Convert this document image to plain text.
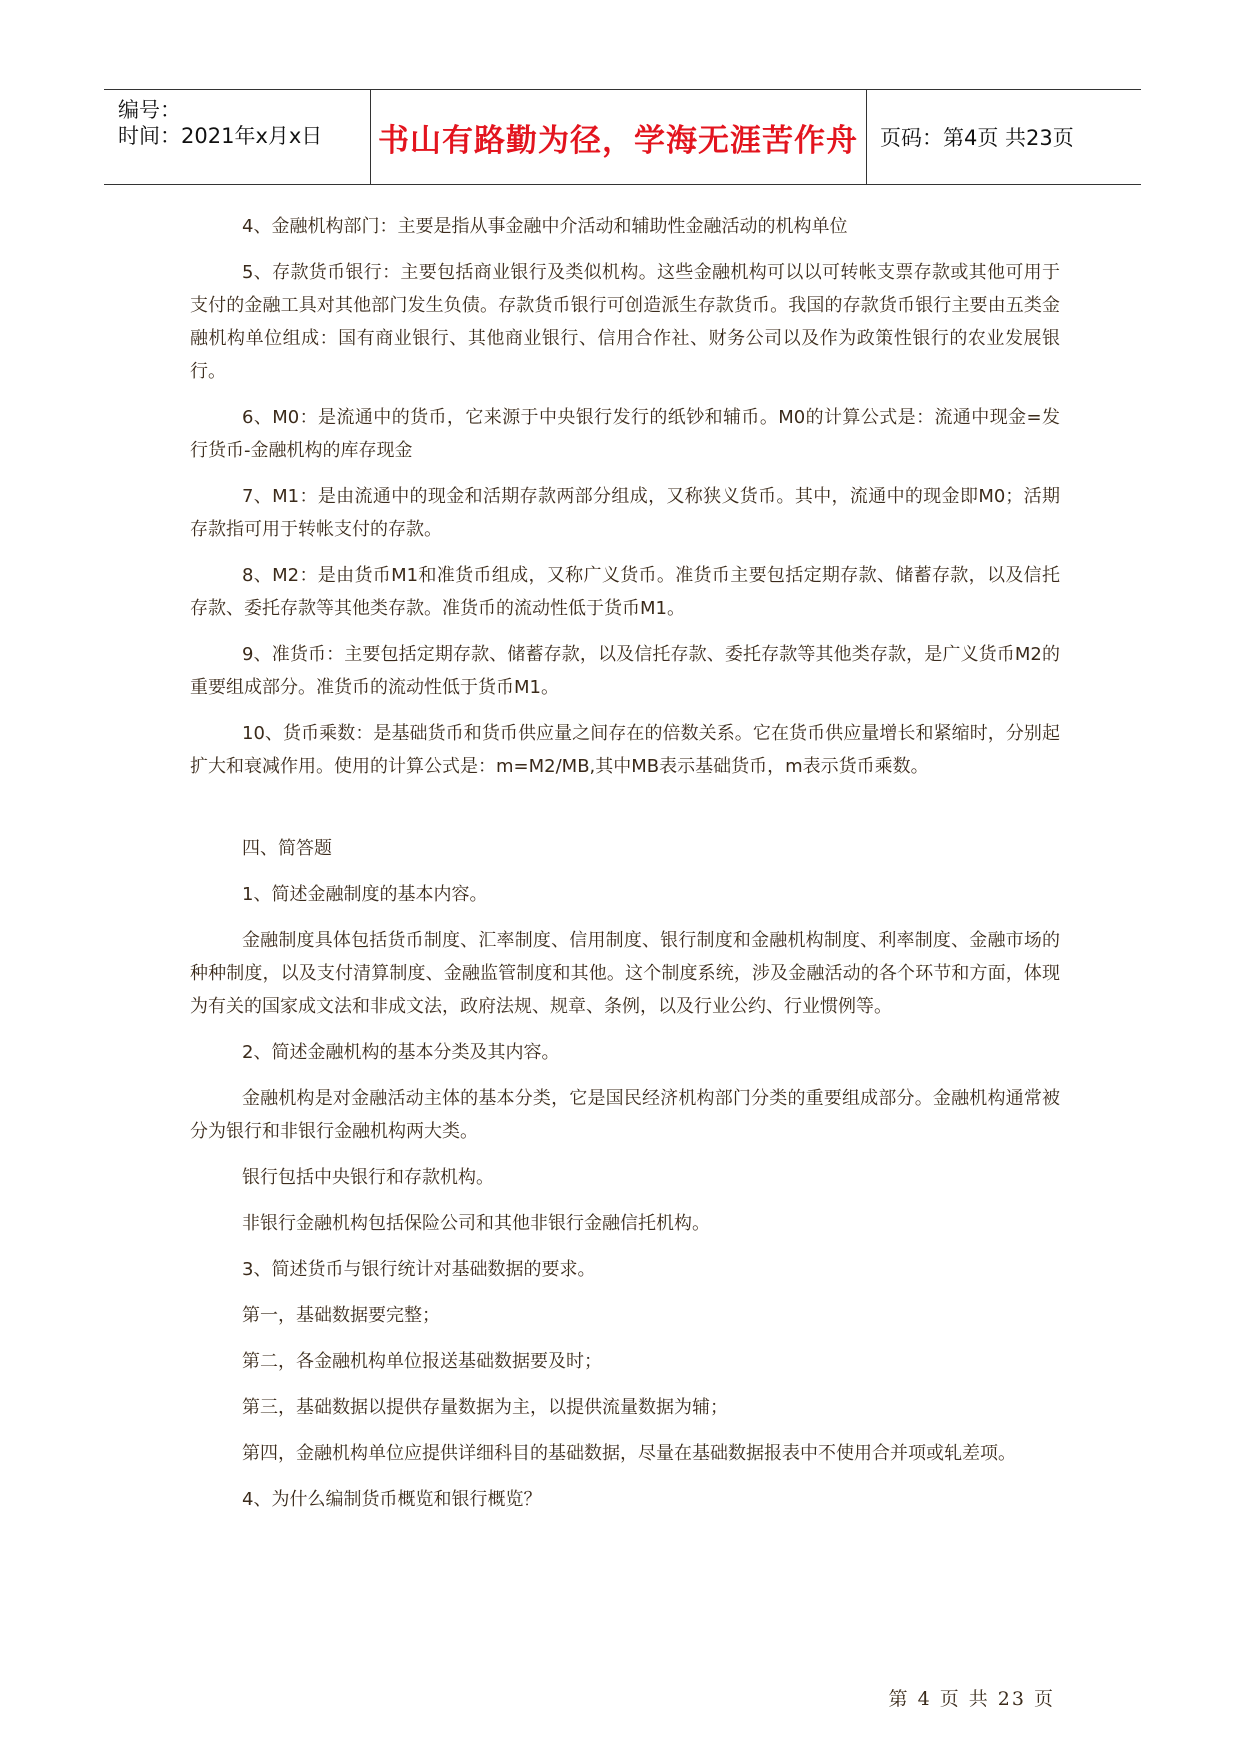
编号：
时间：2021年x月x日 书山有路勤为径，学海无涯苦作舟 页码：第4页 共23页

4、金融机构部门：主要是指从事金融中介活动和辅助性金融活动的机构单位

5、存款货币银行：主要包括商业银行及类似机构。这些金融机构可以以可转帐支票存款或其他可用于支付的金融工具对其他部门发生负债。存款货币银行可创造派生存款货币。我国的存款货币银行主要由五类金融机构单位组成：国有商业银行、其他商业银行、信用合作社、财务公司以及作为政策性银行的农业发展银行。

6、M0：是流通中的货币，它来源于中央银行发行的纸钞和辅币。M0的计算公式是：流通中现金=发行货币-金融机构的库存现金

7、M1：是由流通中的现金和活期存款两部分组成，又称狭义货币。其中，流通中的现金即M0；活期存款指可用于转帐支付的存款。

8、M2：是由货币M1和准货币组成，又称广义货币。准货币主要包括定期存款、储蓄存款，以及信托存款、委托存款等其他类存款。准货币的流动性低于货币M1。

9、准货币：主要包括定期存款、储蓄存款，以及信托存款、委托存款等其他类存款，是广义货币M2的重要组成部分。准货币的流动性低于货币M1。

10、货币乘数：是基础货币和货币供应量之间存在的倍数关系。它在货币供应量增长和紧缩时，分别起扩大和衰减作用。使用的计算公式是：m=M2/MB,其中MB表示基础货币，m表示货币乘数。

四、简答题

1、简述金融制度的基本内容。

金融制度具体包括货币制度、汇率制度、信用制度、银行制度和金融机构制度、利率制度、金融市场的种种制度，以及支付清算制度、金融监管制度和其他。这个制度系统，涉及金融活动的各个环节和方面，体现为有关的国家成文法和非成文法，政府法规、规章、条例，以及行业公约、行业惯例等。

2、简述金融机构的基本分类及其内容。

金融机构是对金融活动主体的基本分类，它是国民经济机构部门分类的重要组成部分。金融机构通常被分为银行和非银行金融机构两大类。

银行包括中央银行和存款机构。

非银行金融机构包括保险公司和其他非银行金融信托机构。

3、简述货币与银行统计对基础数据的要求。

第一，基础数据要完整；

第二，各金融机构单位报送基础数据要及时；

第三，基础数据以提供存量数据为主，以提供流量数据为辅；

第四，金融机构单位应提供详细科目的基础数据，尽量在基础数据报表中不使用合并项或轧差项。

4、为什么编制货币概览和银行概览？

第 4 页 共 23 页
